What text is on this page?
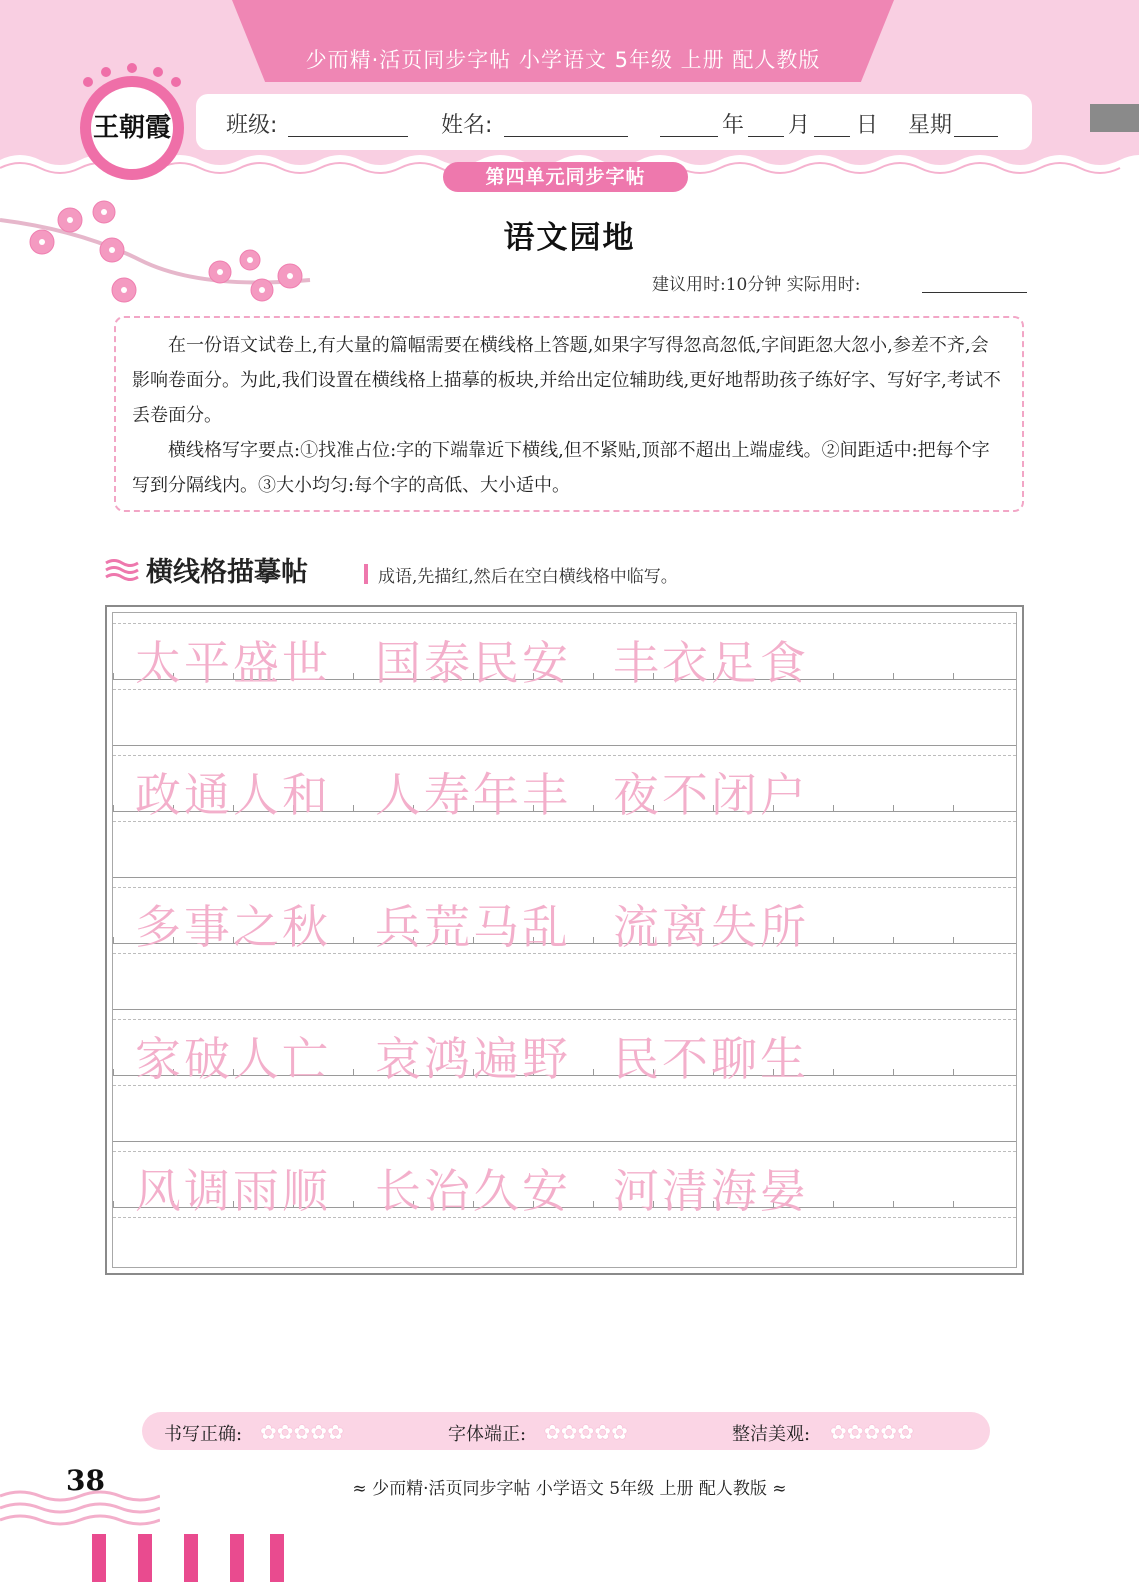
少而精·活页同步字帖 小学语文 5年级 上册 配人教版
班级:	姓名:	年 月 日 星期
王朝霞
第四单元同步字帖
语文园地
建议用时:10分钟 实际用时:

在一份语文试卷上,有大量的篇幅需要在横线格上答题,如果字写得忽高忽低,字间距忽大忽小,参差不齐,会影响卷面分。为此,我们设置在横线格上描摹的板块,并给出定位辅助线,更好地帮助孩子练好字、写好字,考试不丢卷面分。

横线格写字要点:①找准占位:字的下端靠近下横线,但不紧贴,顶部不超出上端虚线。②间距适中:把每个字写到分隔线内。③大小均匀:每个字的高低、大小适中。

横线格描摹帖	成语,先描红,然后在空白横线格中临写。
太平盛世 国泰民安 丰衣足食
政通人和 人寿年丰 夜不闭户
多事之秋 兵荒马乱 流离失所
家破人亡 哀鸿遍野 民不聊生
风调雨顺 长治久安 河清海晏
书写正确: ✿✿✿✿✿	字体端正: ✿✿✿✿✿	整洁美观: ✿✿✿✿✿
38	≈ 少而精·活页同步字帖 小学语文 5年级 上册 配人教版 ≈
